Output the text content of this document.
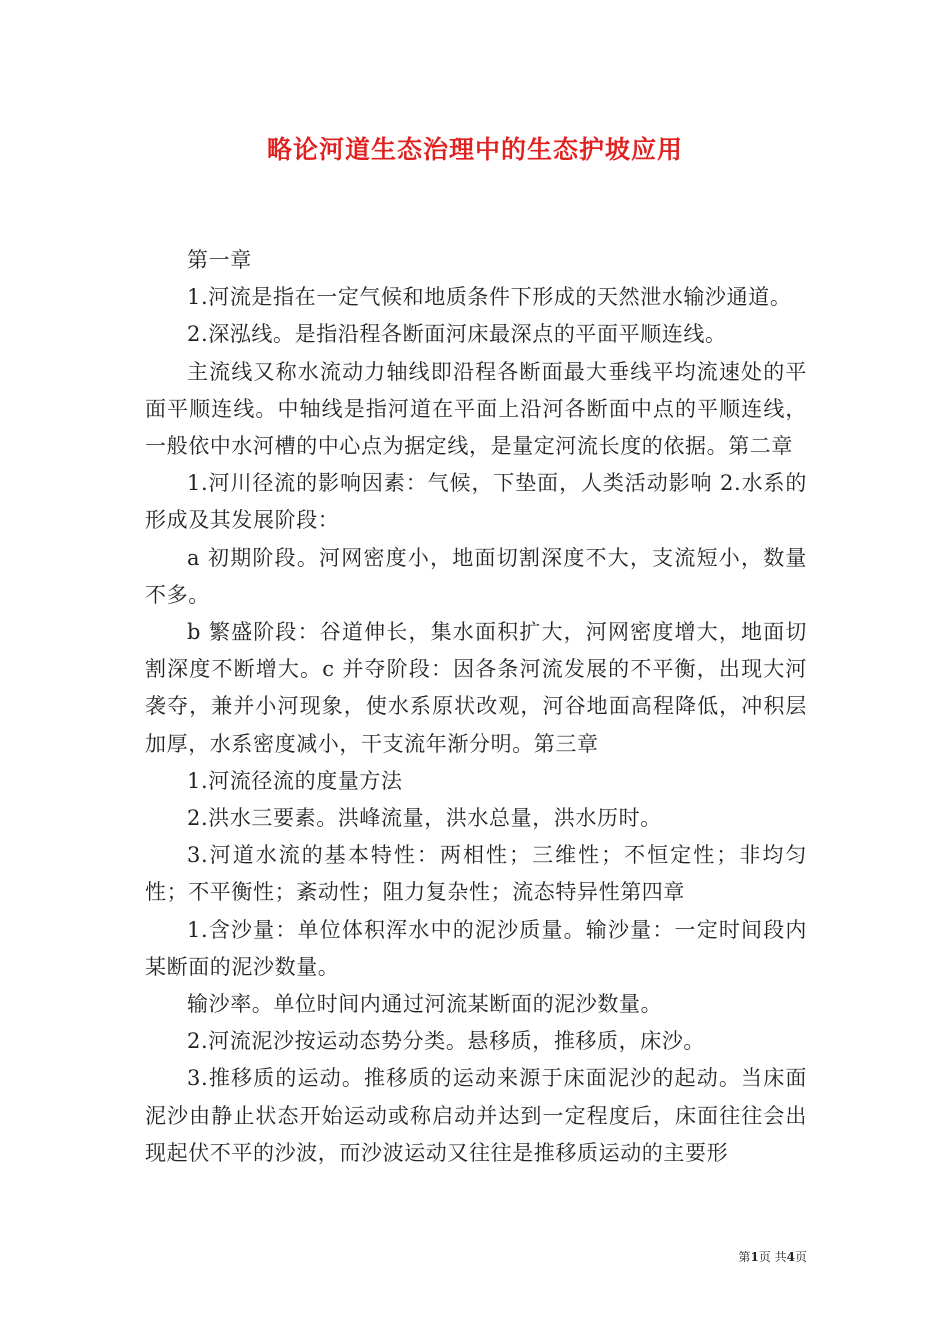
略论河道生态治理中的生态护坡应用

第一章

1.河流是指在一定气候和地质条件下形成的天然泄水输沙通道。

2.深泓线。是指沿程各断面河床最深点的平面平顺连线。

主流线又称水流动力轴线即沿程各断面最大垂线平均流速处的平面平顺连线。中轴线是指河道在平面上沿河各断面中点的平顺连线，一般依中水河槽的中心点为据定线，是量定河流长度的依据。第二章

1.河川径流的影响因素：气候，下垫面，人类活动影响 2.水系的形成及其发展阶段：

a 初期阶段。河网密度小，地面切割深度不大，支流短小，数量不多。

b 繁盛阶段：谷道伸长，集水面积扩大，河网密度增大，地面切割深度不断增大。c 并夺阶段：因各条河流发展的不平衡，出现大河袭夺，兼并小河现象，使水系原状改观，河谷地面高程降低，冲积层加厚，水系密度减小，干支流年渐分明。第三章

1.河流径流的度量方法

2.洪水三要素。洪峰流量，洪水总量，洪水历时。

3.河道水流的基本特性：两相性；三维性；不恒定性；非均匀性；不平衡性；紊动性；阻力复杂性；流态特异性第四章

1.含沙量：单位体积浑水中的泥沙质量。输沙量：一定时间段内某断面的泥沙数量。

输沙率。单位时间内通过河流某断面的泥沙数量。

2.河流泥沙按运动态势分类。悬移质，推移质，床沙。

3.推移质的运动。推移质的运动来源于床面泥沙的起动。当床面泥沙由静止状态开始运动或称启动并达到一定程度后，床面往往会出现起伏不平的沙波，而沙波运动又往往是推移质运动的主要形

第1页 共4页
